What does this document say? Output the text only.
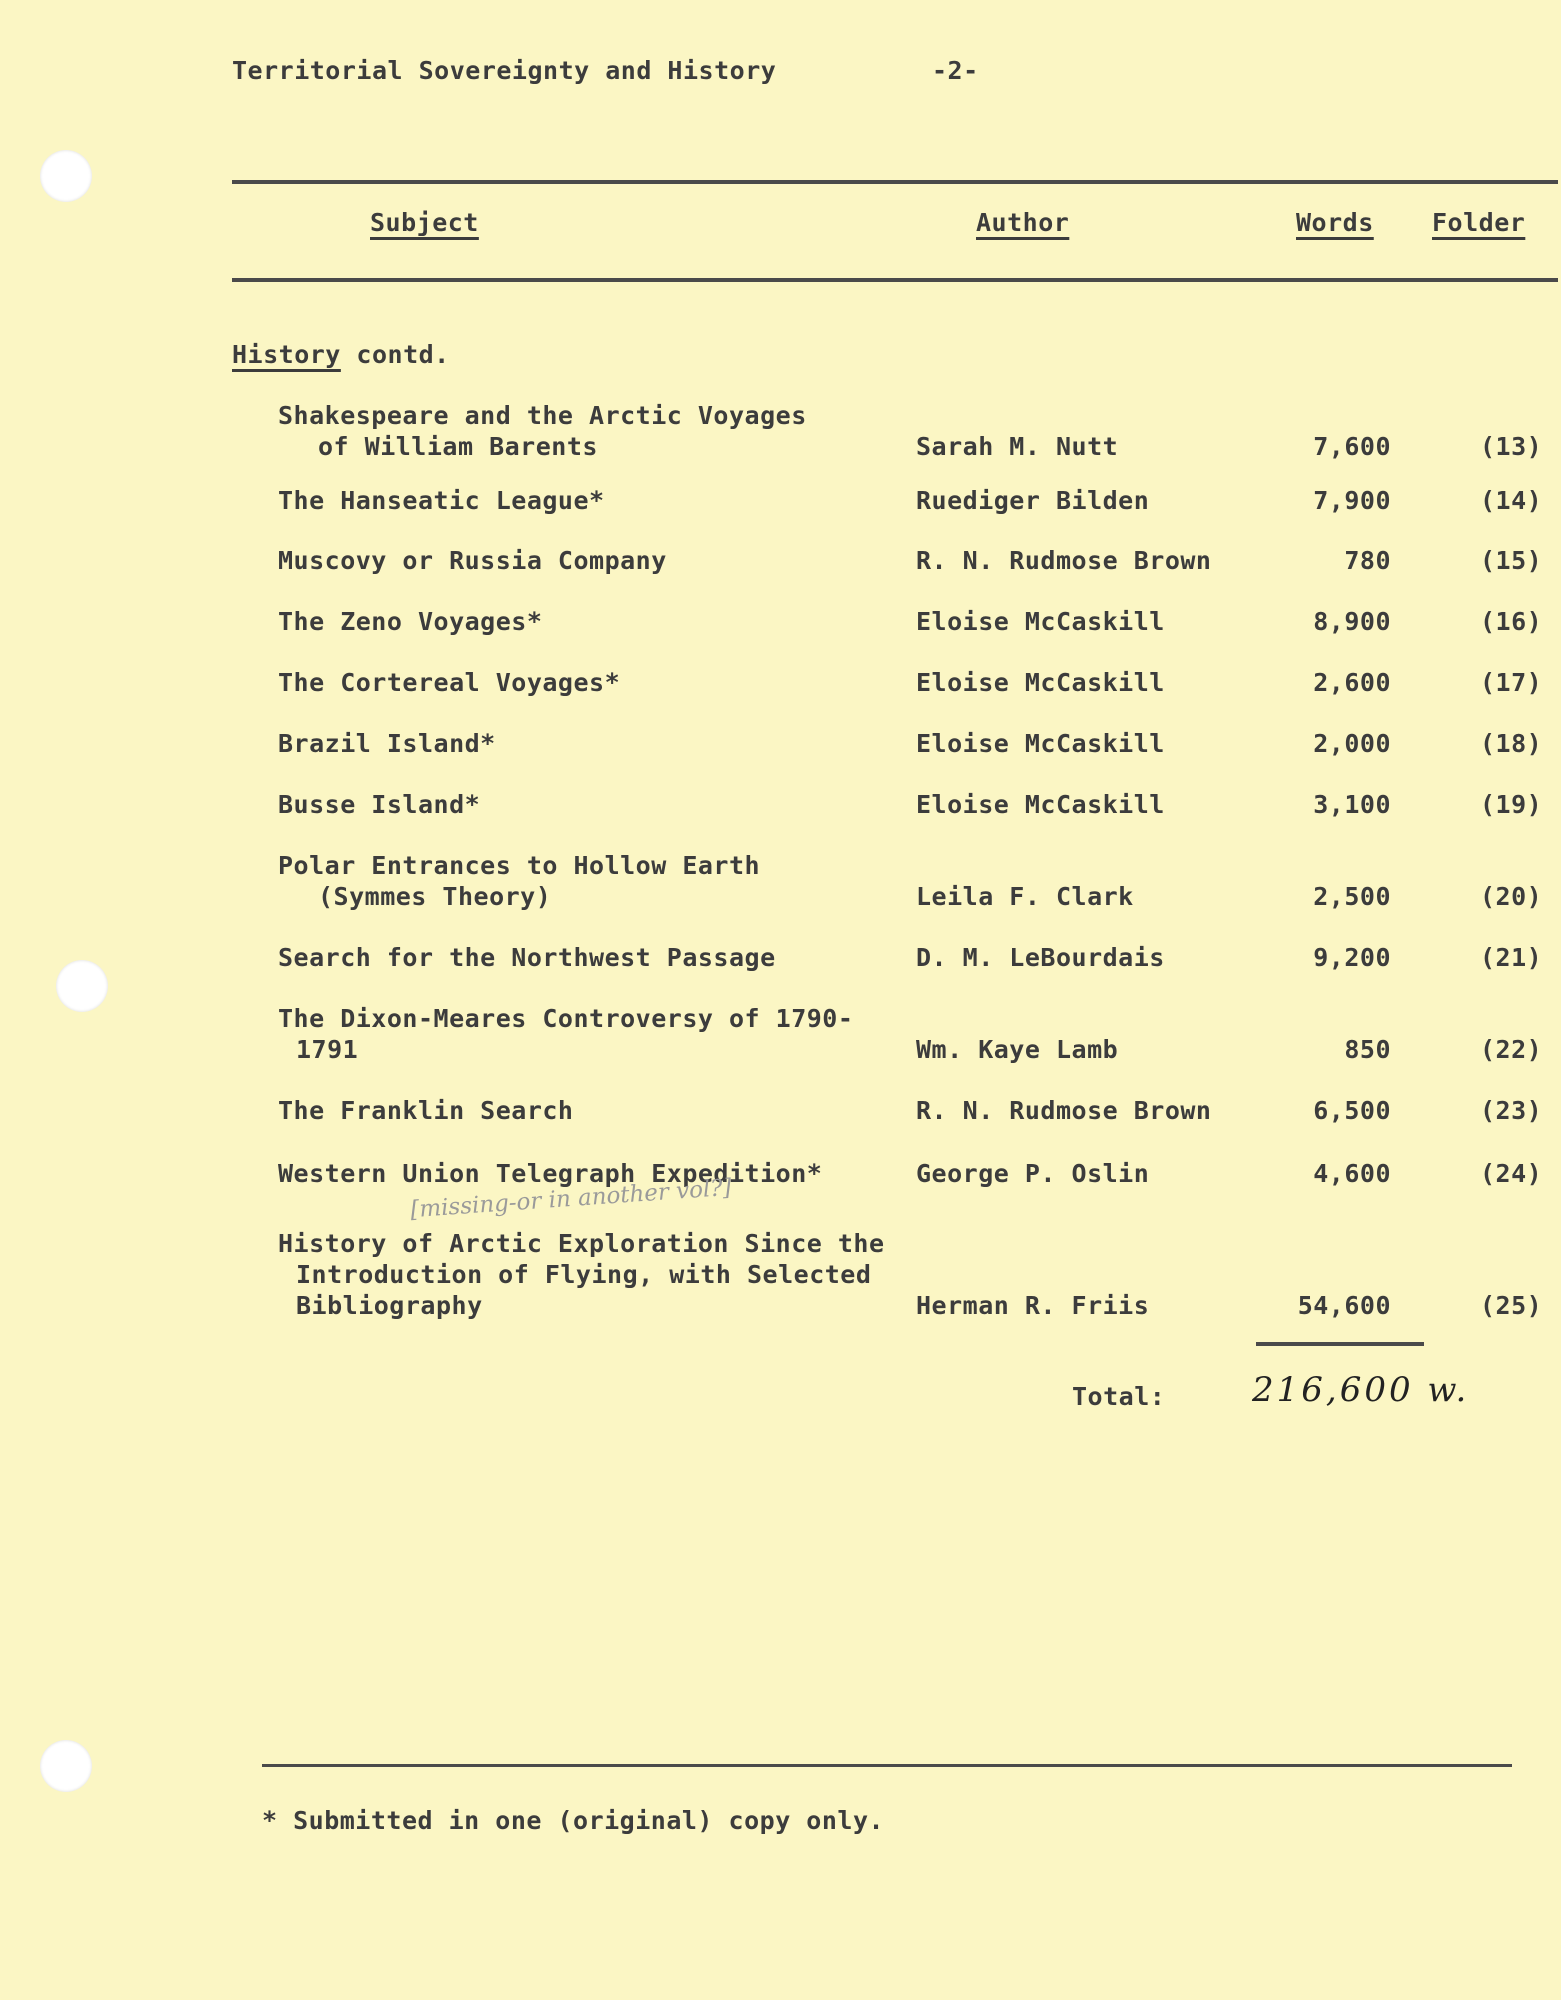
Territorial Sovereignty and History	-2-
Subject	Author	Words Folder
History contd.
Shakespeare and the Arctic Voyages
of William Barents	Sarah M. Nutt	7,600	(13)
The Hanseatic League*	Ruediger Bilden	7,900	(14)
Muscovy or Russia Company	R. N. Rudmose Brown	780	(15)
The Zeno Voyages*	Eloise McCaskill	8,900	(16)
The Cortereal Voyages*	Eloise McCaskill	2,600	(17)
Brazil Island*	Eloise McCaskill	2,000	(18)
Busse Island*	Eloise McCaskill	3,100	(19)
Polar Entrances to Hollow Earth
(Symmes Theory)	Leila F. Clark	2,500	(20)
Search for the Northwest Passage	D. M. LeBourdais	9,200	(21)
The Dixon-Meares Controversy of 1790-
1791	Wm. Kaye Lamb	850	(22)
The Franklin Search	R. N. Rudmose Brown	6,500	(23)
Western Union Telegraph Expedition*	George P. Oslin	4,600	(24)
History of Arctic Exploration Since the
Introduction of Flying, with Selected
Bibliography	Herman R. Friis	54,600	(25)
[missing-or in another vol?]
Total:	216,600 w.
* Submitted in one (original) copy only.
